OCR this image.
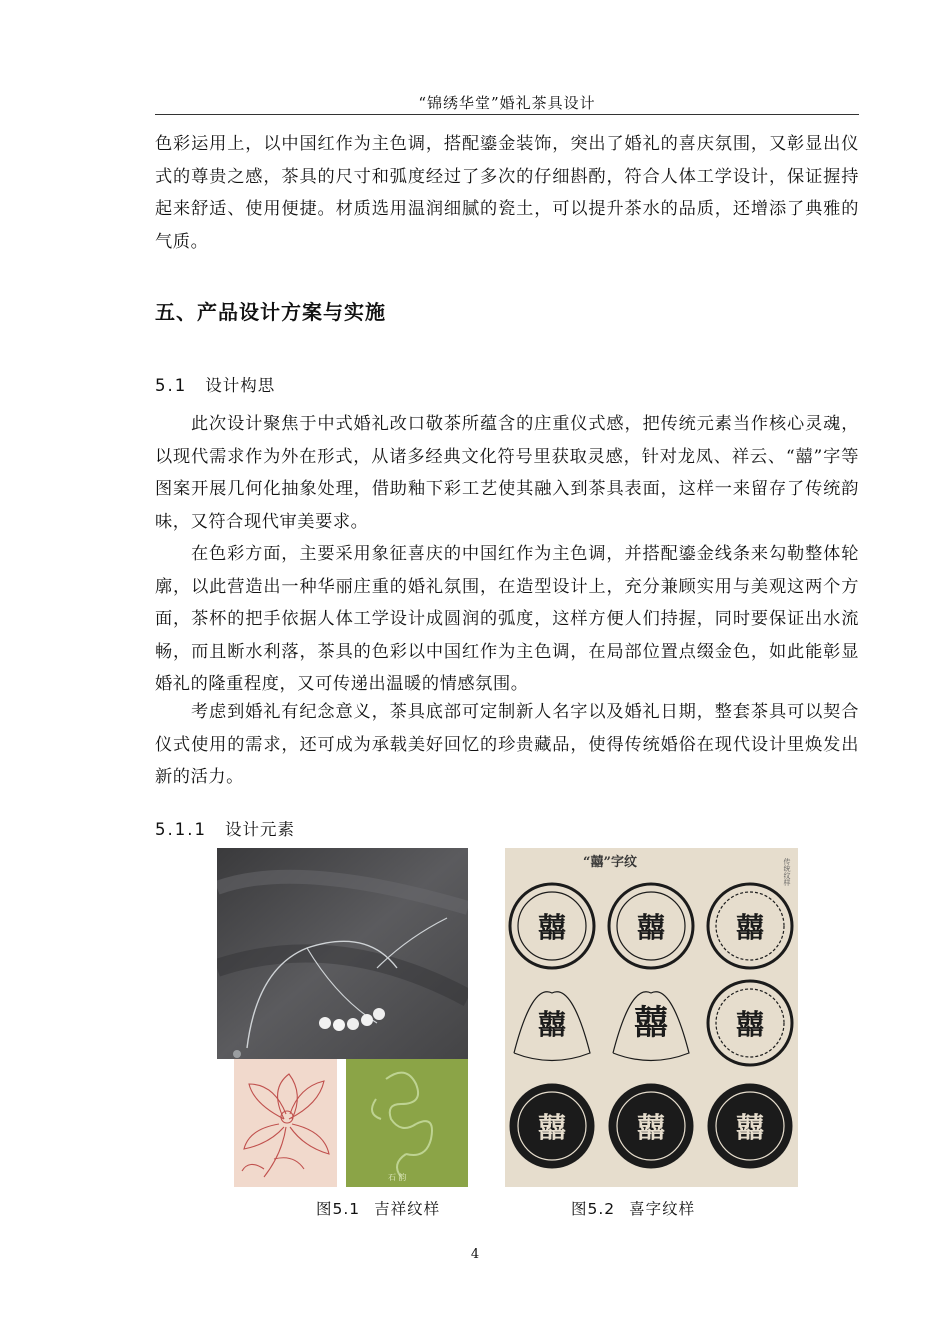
“锦绣华堂”婚礼茶具设计
色彩运用上，以中国红作为主色调，搭配鎏金装饰，突出了婚礼的喜庆氛围，又彰显出仪式的尊贵之感，茶具的尺寸和弧度经过了多次的仔细斟酌，符合人体工学设计，保证握持起来舒适、使用便捷。材质选用温润细腻的瓷土，可以提升茶水的品质，还增添了典雅的气质。
五、产品设计方案与实施
5.1 设计构思
此次设计聚焦于中式婚礼改口敬茶所蕴含的庄重仪式感，把传统元素当作核心灵魂，以现代需求作为外在形式，从诸多经典文化符号里获取灵感，针对龙凤、祥云、“囍”字等图案开展几何化抽象处理，借助釉下彩工艺使其融入到茶具表面，这样一来留存了传统韵味，又符合现代审美要求。
在色彩方面，主要采用象征喜庆的中国红作为主色调，并搭配鎏金线条来勾勒整体轮廓，以此营造出一种华丽庄重的婚礼氛围，在造型设计上，充分兼顾实用与美观这两个方面，茶杯的把手依据人体工学设计成圆润的弧度，这样方便人们持握，同时要保证出水流畅，而且断水利落，茶具的色彩以中国红作为主色调，在局部位置点缀金色，如此能彰显婚礼的隆重程度，又可传递出温暖的情感氛围。
考虑到婚礼有纪念意义，茶具底部可定制新人名字以及婚礼日期，整套茶具可以契合仪式使用的需求，还可成为承载美好回忆的珍贵藏品，使得传统婚俗在现代设计里焕发出新的活力。
5.1.1 设计元素
石 韵
“囍”字纹	传统纹样
囍	囍	囍
囍 囍 囍
囍	囍	囍
图5.1 吉祥纹样	图5.2 喜字纹样
4
